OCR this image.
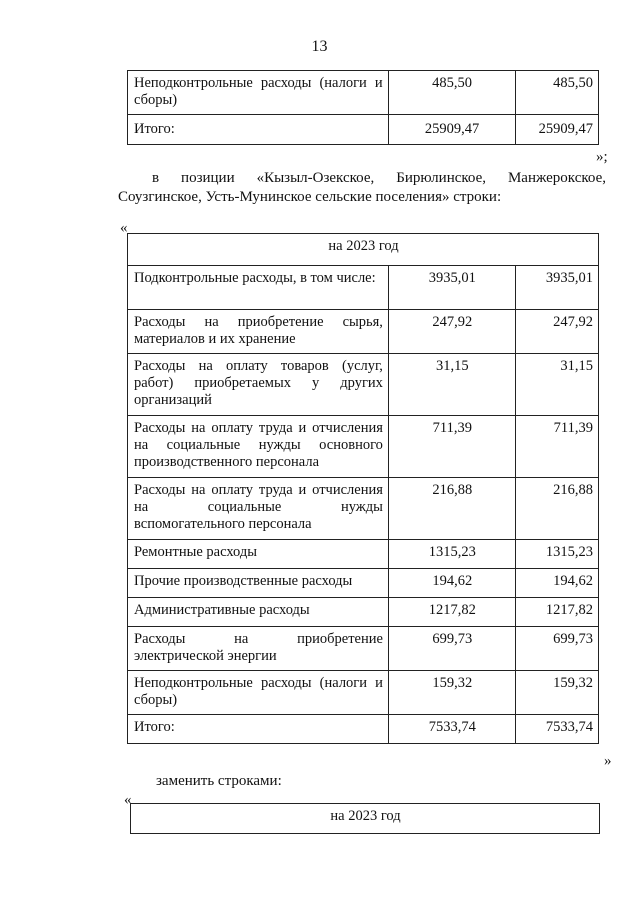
13
Неподконтрольные расходы (налоги и сборы)	485,50	485,50
Итого:	25909,47	25909,47
»;
в позиции «Кызыл-Озекское, Бирюлинское, Манжерокское,
Соузгинское, Усть-Мунинское сельские поселения» строки:
«
на 2023 год		
Подконтрольные расходы, в том числе:	3935,01	3935,01
Расходы на приобретение сырья, материалов и их хранение	247,92	247,92
Расходы на оплату товаров (услуг, работ) приобретаемых у других организаций	31,15	31,15
Расходы на оплату труда и отчисления на социальные нужды основного производственного персонала	711,39	711,39
Расходы на оплату труда и отчисления на социальные нужды вспомогательного персонала	216,88	216,88
Ремонтные расходы	1315,23	1315,23
Прочие производственные расходы	194,62	194,62
Административные расходы	1217,82	1217,82
Расходы на приобретение электрической энергии	699,73	699,73
Неподконтрольные расходы (налоги и сборы)	159,32	159,32
Итого:	7533,74	7533,74
»
заменить строками:
«
на 2023 год
